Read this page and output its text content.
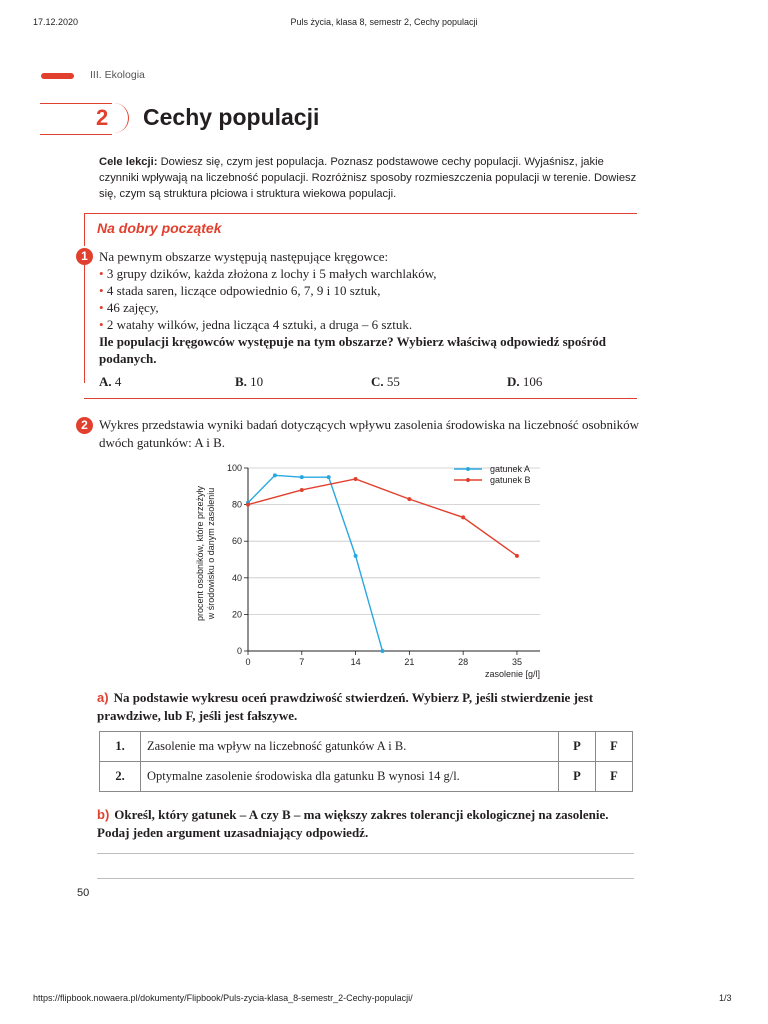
17.12.2020	Puls życia, klasa 8, semestr 2, Cechy populacji
III. Ekologia
2 Cechy populacji
Cele lekcji: Dowiesz się, czym jest populacja. Poznasz podstawowe cechy populacji. Wyjaśnisz, jakie czynniki wpływają na liczebność populacji. Rozróżnisz sposoby rozmieszczenia populacji w terenie. Dowiesz się, czym są struktura płciowa i struktura wiekowa populacji.
Na dobry początek
1 Na pewnym obszarze występują następujące kręgowce:
• 3 grupy dzików, każda złożona z lochy i 5 małych warchlaków,
• 4 stada saren, liczące odpowiednio 6, 7, 9 i 10 sztuk,
• 46 zajęcy,
• 2 watahy wilków, jedna licząca 4 sztuki, a druga – 6 sztuk.
Ile populacji kręgowców występuje na tym obszarze? Wybierz właściwą odpowiedź spośród podanych.
A. 4	B. 10	C. 55	D. 106
2 Wykres przedstawia wyniki badań dotyczących wpływu zasolenia środowiska na liczebność osobników dwóch gatunków: A i B.
0
20
40
60
80
100
0	7	14	21	28	35
procent osobników, które przeżyły w środowisku o danym zasoleniu
zasolenie [g/l]
gatunek A
gatunek B
a) Na podstawie wykresu oceń prawdziwość stwierdzeń. Wybierz P, jeśli stwierdzenie jest prawdziwe, lub F, jeśli jest fałszywe.
1.	Zasolenie ma wpływ na liczebność gatunków A i B.	P	F
2.	Optymalne zasolenie środowiska dla gatunku B wynosi 14 g/l.	P	F
b) Określ, który gatunek – A czy B – ma większy zakres tolerancji ekologicznej na zasolenie. Podaj jeden argument uzasadniający odpowiedź.
50
https://flipbook.nowaera.pl/dokumenty/Flipbook/Puls-zycia-klasa_8-semestr_2-Cechy-populacji/	1/3
